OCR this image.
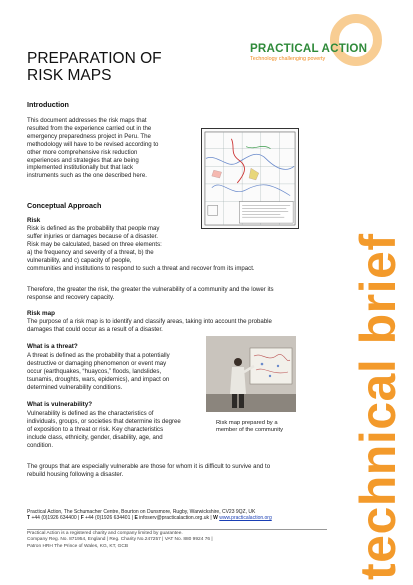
PRACTICAL ACTION
Technology challenging poverty
technical brief
PREPARATION OF
RISK MAPS
Introduction
This document addresses the risk maps that
resulted from the experience carried out in the
emergency preparedness project in Peru. The
methodology will have to be revised according to
other more comprehensive risk reduction
experiences and strategies that are being
implemented institutionally but that lack
instruments such as the one described here.
Conceptual Approach
Risk
Risk is defined as the probability that people may
suffer injuries or damages because of a disaster.
Risk may be calculated, based on three elements:
a) the frequency and severity of a threat, b) the
vulnerability, and c) capacity of people,
communities and institutions to respond to such a threat and recover from its impact.
Therefore, the greater the risk, the greater the vulnerability of a community and the lower its
response and recovery capacity.
Risk map
The purpose of a risk map is to identify and classify areas, taking into account the probable
damages that could occur as a result of a disaster.
What is a threat?
A threat is defined as the probability that a potentially
destructive or damaging phenomenon or event may
occur (earthquakes, “huaycos,” floods, landslides,
tsunamis, droughts, wars, epidemics), and impact on
determined vulnerability conditions.
Risk map prepared by a
member of the community
What is vulnerability?
Vulnerability is defined as the characteristics of
individuals, groups, or societies that determine its degree
of exposition to a threat or risk. Key characteristics
include class, ethnicity, gender, disability, age, and
condition.
The groups that are especially vulnerable are those for whom it is difficult to survive and to
rebuild housing following a disaster.
Practical Action, The Schumacher Centre, Bourton on Dunsmore, Rugby, Warwickshire, CV23 9QZ, UK
T +44 (0)1926 634400 | F +44 (0)1926 634401 | E infoserv@practicalaction.org.uk | W www.practicalaction.org
Practical Action is a registered charity and company limited by guarantee.
Company Reg. No. 871954, England | Reg. Charity No.247257 | VAT No. 880 9924 76 |
Patron HRH The Prince of Wales, KG, KT, GCB
